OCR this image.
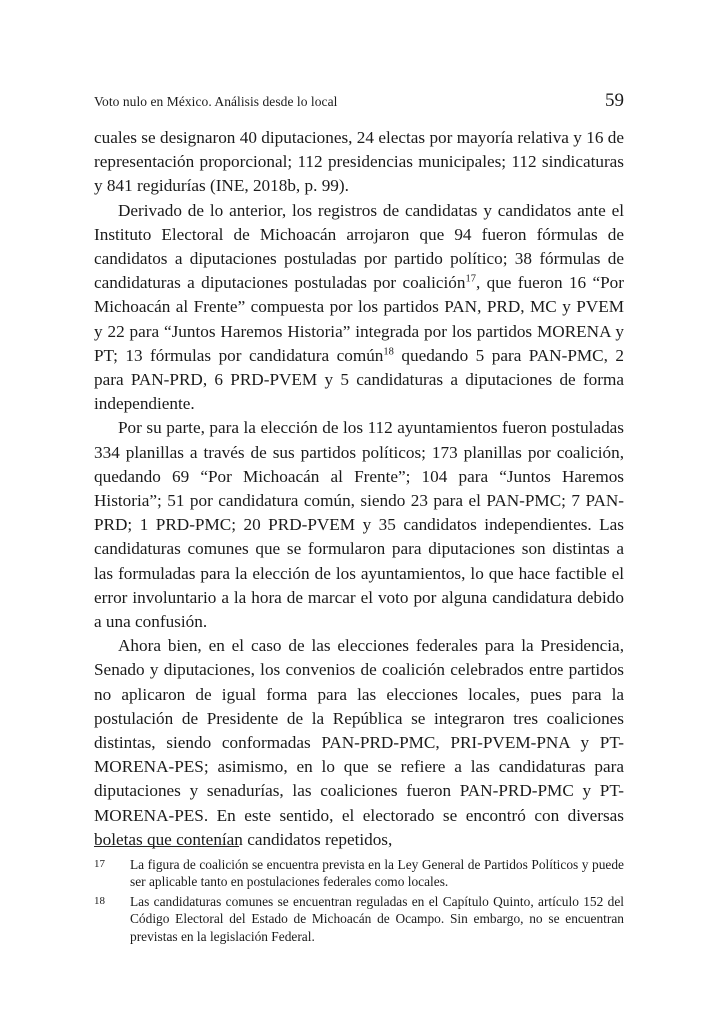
Voto nulo en México. Análisis desde lo local	59

cuales se designaron 40 diputaciones, 24 electas por mayoría relativa y 16 de representación proporcional; 112 presidencias municipales; 112 sindicaturas y 841 regidurías (INE, 2018b, p. 99).

Derivado de lo anterior, los registros de candidatas y candidatos ante el Instituto Electoral de Michoacán arrojaron que 94 fueron fórmulas de candidatos a diputaciones postuladas por partido político; 38 fórmulas de candidaturas a diputaciones postuladas por coalición$^{17}$, que fueron 16 “Por Michoacán al Frente” compuesta por los partidos PAN, PRD, MC y PVEM y 22 para “Juntos Haremos Historia” integrada por los partidos MORENA y PT; 13 fórmulas por candidatura común$^{18}$ quedando 5 para PAN-PMC, 2 para PAN-PRD, 6 PRD-PVEM y 5 candidaturas a diputaciones de forma independiente.

Por su parte, para la elección de los 112 ayuntamientos fueron postuladas 334 planillas a través de sus partidos políticos; 173 planillas por coalición, quedando 69 “Por Michoacán al Frente”; 104 para “Juntos Haremos Historia”; 51 por candidatura común, siendo 23 para el PAN-PMC; 7 PAN-PRD; 1 PRD-PMC; 20 PRD-PVEM y 35 candidatos independientes. Las candidaturas comunes que se formularon para diputaciones son distintas a las formuladas para la elección de los ayuntamientos, lo que hace factible el error involuntario a la hora de marcar el voto por alguna candidatura debido a una confusión.

Ahora bien, en el caso de las elecciones federales para la Presidencia, Senado y diputaciones, los convenios de coalición celebrados entre partidos no aplicaron de igual forma para las elecciones locales, pues para la postulación de Presidente de la República se integraron tres coaliciones distintas, siendo conformadas PAN-PRD-PMC, PRI-PVEM-PNA y PT-MORENA-PES; asimismo, en lo que se refiere a las candidaturas para diputaciones y senadurías, las coaliciones fueron PAN-PRD-PMC y PT-MORENA-PES. En este sentido, el electorado se encontró con diversas boletas que contenían candidatos repetidos,

17 La figura de coalición se encuentra prevista en la Ley General de Partidos Políticos y puede ser aplicable tanto en postulaciones federales como locales.
18 Las candidaturas comunes se encuentran reguladas en el Capítulo Quinto, artículo 152 del Código Electoral del Estado de Michoacán de Ocampo. Sin embargo, no se encuentran previstas en la legislación Federal.
